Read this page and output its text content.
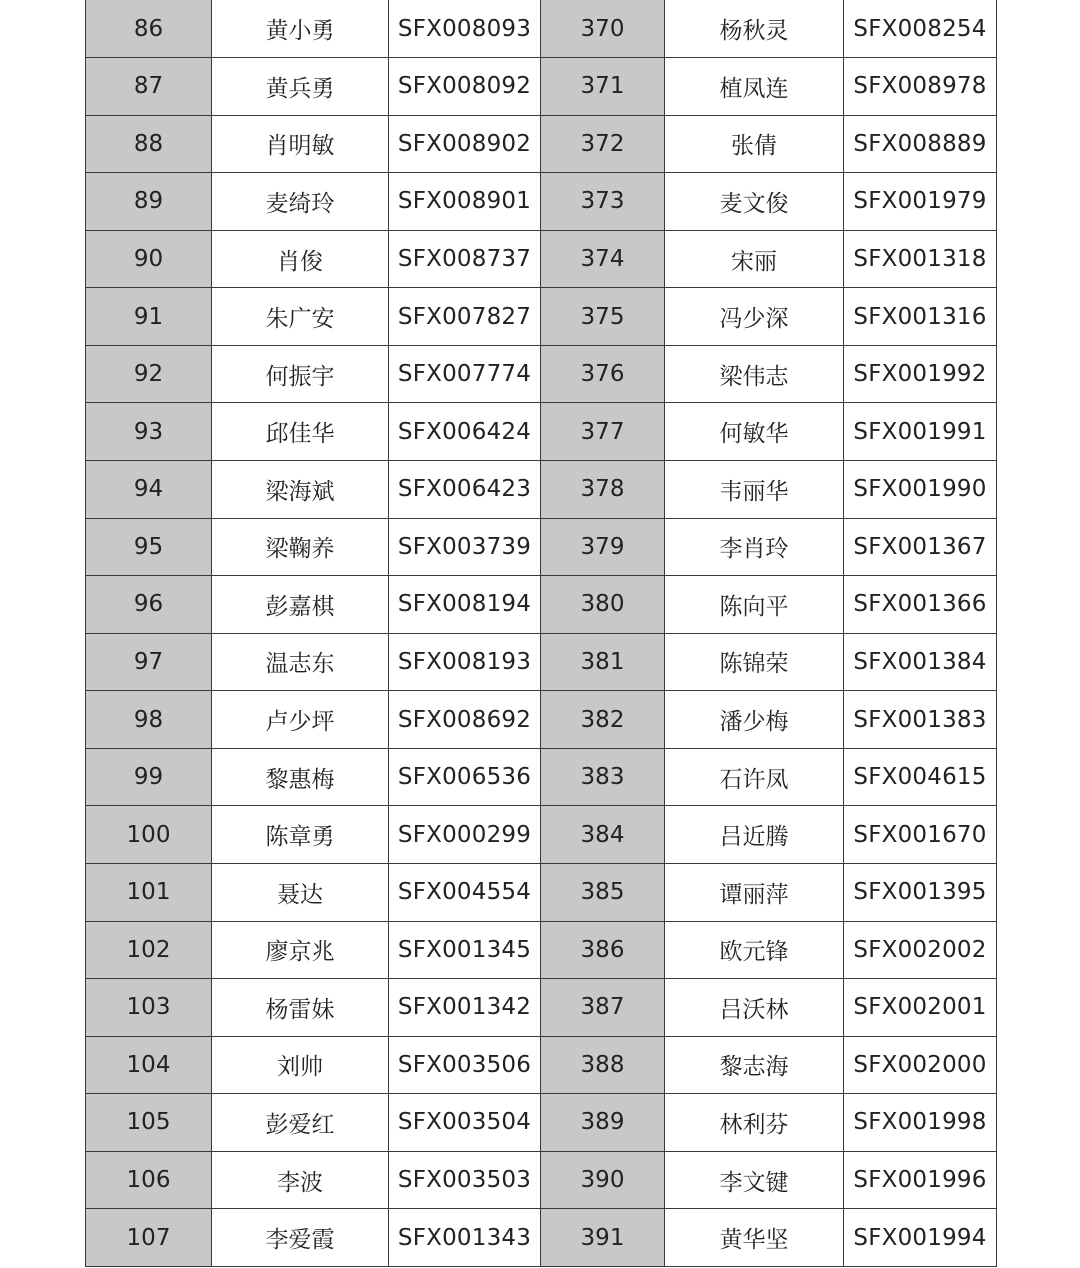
86	黄小勇	SFX008093	370	杨秋灵	SFX008254
87	黄兵勇	SFX008092	371	植凤连	SFX008978
88	肖明敏	SFX008902	372	张倩	SFX008889
89	麦绮玲	SFX008901	373	麦文俊	SFX001979
90	肖俊	SFX008737	374	宋丽	SFX001318
91	朱广安	SFX007827	375	冯少深	SFX001316
92	何振宇	SFX007774	376	梁伟志	SFX001992
93	邱佳华	SFX006424	377	何敏华	SFX001991
94	梁海斌	SFX006423	378	韦丽华	SFX001990
95	梁鞠养	SFX003739	379	李肖玲	SFX001367
96	彭嘉棋	SFX008194	380	陈向平	SFX001366
97	温志东	SFX008193	381	陈锦荣	SFX001384
98	卢少坪	SFX008692	382	潘少梅	SFX001383
99	黎惠梅	SFX006536	383	石许凤	SFX004615
100	陈章勇	SFX000299	384	吕近腾	SFX001670
101	聂达	SFX004554	385	谭丽萍	SFX001395
102	廖京兆	SFX001345	386	欧元锋	SFX002002
103	杨雷妹	SFX001342	387	吕沃林	SFX002001
104	刘帅	SFX003506	388	黎志海	SFX002000
105	彭爱红	SFX003504	389	林利芬	SFX001998
106	李波	SFX003503	390	李文键	SFX001996
107	李爱霞	SFX001343	391	黄华坚	SFX001994
